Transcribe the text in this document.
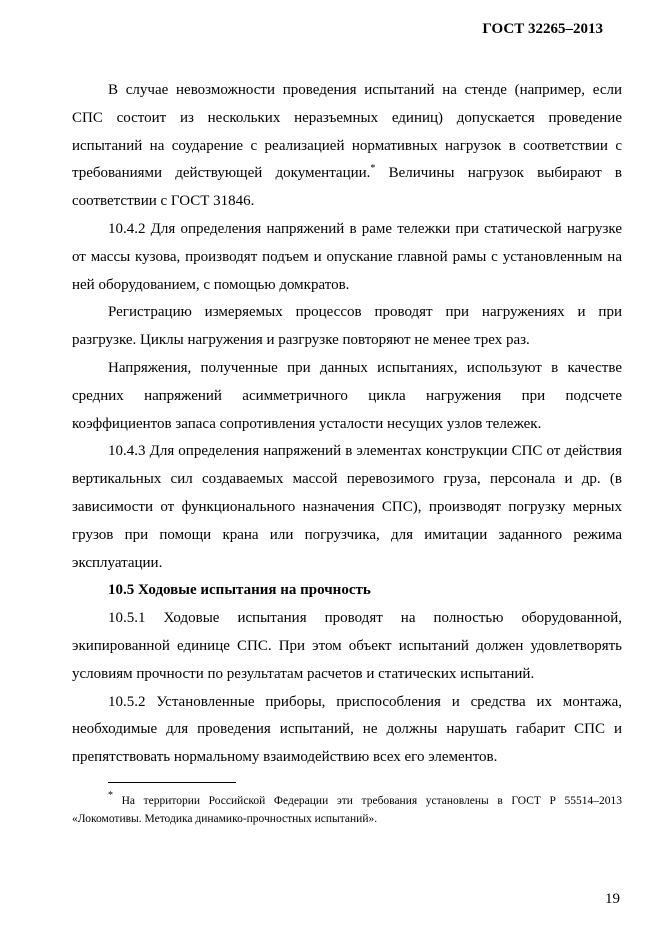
ГОСТ 32265–2013

В случае невозможности проведения испытаний на стенде (например, если СПС состоит из нескольких неразъемных единиц) допускается проведение испытаний на соударение с реализацией нормативных нагрузок в соответствии с требованиями действующей документации.* Величины нагрузок выбирают в соответствии с ГОСТ 31846.

10.4.2 Для определения напряжений в раме тележки при статической нагрузке от массы кузова, производят подъем и опускание главной рамы с установленным на ней оборудованием, с помощью домкратов.

Регистрацию измеряемых процессов проводят при нагружениях и при разгрузке. Циклы нагружения и разгрузке повторяют не менее трех раз.

Напряжения, полученные при данных испытаниях, используют в качестве средних напряжений асимметричного цикла нагружения при подсчете коэффициентов запаса сопротивления усталости несущих узлов тележек.

10.4.3 Для определения напряжений в элементах конструкции СПС от действия вертикальных сил создаваемых массой перевозимого груза, персонала и др. (в зависимости от функционального назначения СПС), производят погрузку мерных грузов при помощи крана или погрузчика, для имитации заданного режима эксплуатации.

10.5 Ходовые испытания на прочность

10.5.1 Ходовые испытания проводят на полностью оборудованной, экипированной единице СПС. При этом объект испытаний должен удовлетворять условиям прочности по результатам расчетов и статических испытаний.

10.5.2 Установленные приборы, приспособления и средства их монтажа, необходимые для проведения испытаний, не должны нарушать габарит СПС и препятствовать нормальному взаимодействию всех его элементов.

* На территории Российской Федерации эти требования установлены в ГОСТ Р 55514–2013 «Локомотивы. Методика динамико-прочностных испытаний».

19
